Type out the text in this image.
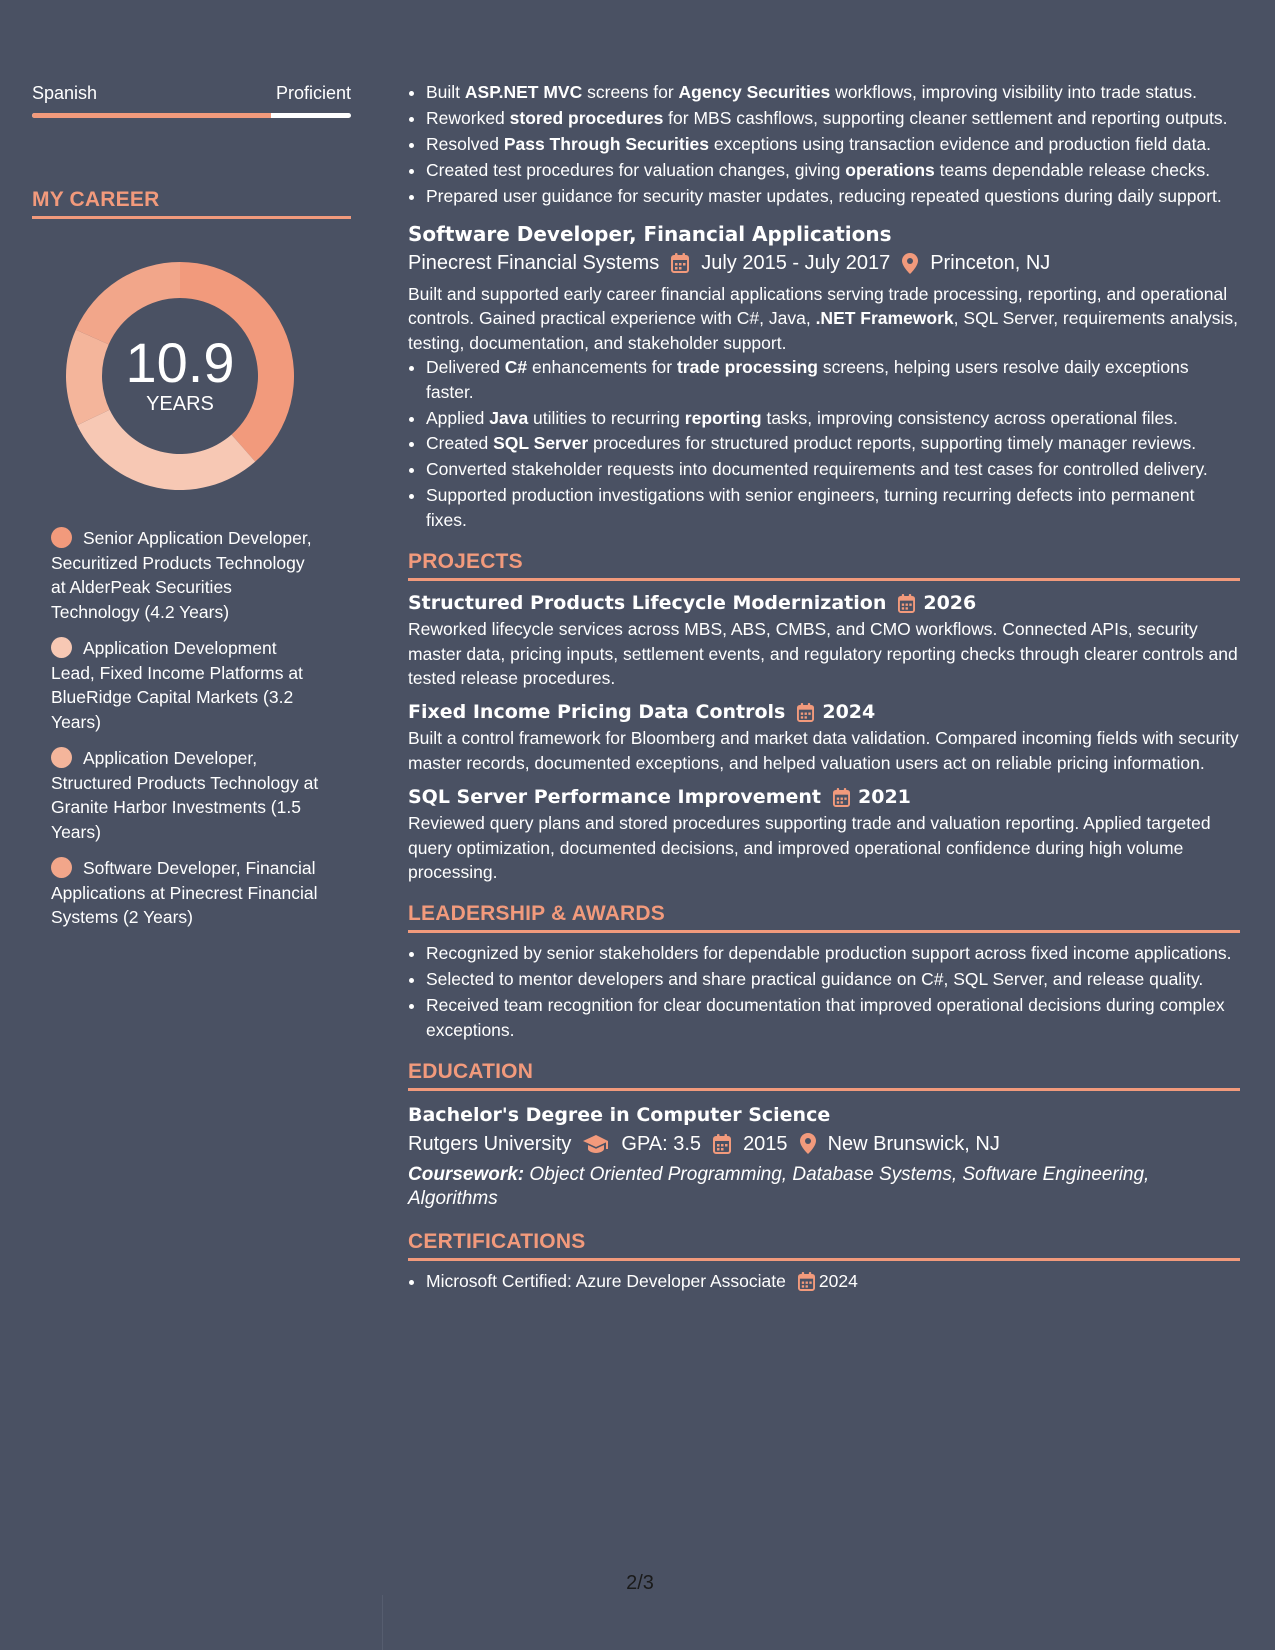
Spanish	Proficient
MY CAREER
10.9
YEARS
Senior Application Developer, Securitized Products Technology at AlderPeak Securities Technology (4.2 Years)
Application Development Lead, Fixed Income Platforms at BlueRidge Capital Markets (3.2 Years)
Application Developer, Structured Products Technology at Granite Harbor Investments (1.5 Years)
Software Developer, Financial Applications at Pinecrest Financial Systems (2 Years)
• Built ASP.NET MVC screens for Agency Securities workflows, improving visibility into trade status.
• Reworked stored procedures for MBS cashflows, supporting cleaner settlement and reporting outputs.
• Resolved Pass Through Securities exceptions using transaction evidence and production field data.
• Created test procedures for valuation changes, giving operations teams dependable release checks.
• Prepared user guidance for security master updates, reducing repeated questions during daily support.
Software Developer, Financial Applications
Pinecrest Financial Systems July 2015 - July 2017 Princeton, NJ
Built and supported early career financial applications serving trade processing, reporting, and operational controls. Gained practical experience with C#, Java, .NET Framework, SQL Server, requirements analysis, testing, documentation, and stakeholder support.
• Delivered C# enhancements for trade processing screens, helping users resolve daily exceptions faster.
• Applied Java utilities to recurring reporting tasks, improving consistency across operational files.
• Created SQL Server procedures for structured product reports, supporting timely manager reviews.
• Converted stakeholder requests into documented requirements and test cases for controlled delivery.
• Supported production investigations with senior engineers, turning recurring defects into permanent fixes.
PROJECTS
Structured Products Lifecycle Modernization 2026
Reworked lifecycle services across MBS, ABS, CMBS, and CMO workflows. Connected APIs, security master data, pricing inputs, settlement events, and regulatory reporting checks through clearer controls and tested release procedures.
Fixed Income Pricing Data Controls 2024
Built a control framework for Bloomberg and market data validation. Compared incoming fields with security master records, documented exceptions, and helped valuation users act on reliable pricing information.
SQL Server Performance Improvement 2021
Reviewed query plans and stored procedures supporting trade and valuation reporting. Applied targeted query optimization, documented decisions, and improved operational confidence during high volume processing.
LEADERSHIP & AWARDS
• Recognized by senior stakeholders for dependable production support across fixed income applications.
• Selected to mentor developers and share practical guidance on C#, SQL Server, and release quality.
• Received team recognition for clear documentation that improved operational decisions during complex exceptions.
EDUCATION
Bachelor's Degree in Computer Science
Rutgers University	GPA: 3.5 2015 New Brunswick, NJ
Coursework: Object Oriented Programming, Database Systems, Software Engineering, Algorithms
CERTIFICATIONS
• Microsoft Certified: Azure Developer Associate 2024
2/3
